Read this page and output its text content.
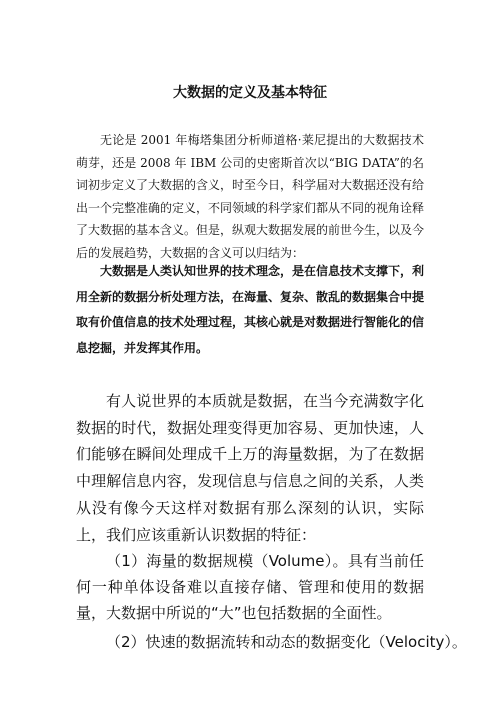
大数据的定义及基本特征

无论是 2001 年梅塔集团分析师道格·莱尼提出的大数据技术萌芽，还是 2008 年 IBM 公司的史密斯首次以“BIG DATA”的名词初步定义了大数据的含义，时至今日，科学届对大数据还没有给出一个完整准确的定义，不同领域的科学家们都从不同的视角诠释了大数据的基本含义。但是，纵观大数据发展的前世今生，以及今后的发展趋势，大数据的含义可以归结为：

大数据是人类认知世界的技术理念，是在信息技术支撑下，利用全新的数据分析处理方法，在海量、复杂、散乱的数据集合中提取有价值信息的技术处理过程，其核心就是对数据进行智能化的信息挖掘，并发挥其作用。

有人说世界的本质就是数据，在当今充满数字化数据的时代，数据处理变得更加容易、更加快速，人们能够在瞬间处理成千上万的海量数据，为了在数据中理解信息内容，发现信息与信息之间的关系，人类从没有像今天这样对数据有那么深刻的认识，实际上，我们应该重新认识数据的特征：

（1）海量的数据规模（Volume）。具有当前任何一种单体设备难以直接存储、管理和使用的数据量，大数据中所说的“大”也包括数据的全面性。

（2）快速的数据流转和动态的数据变化（Velocity）。
